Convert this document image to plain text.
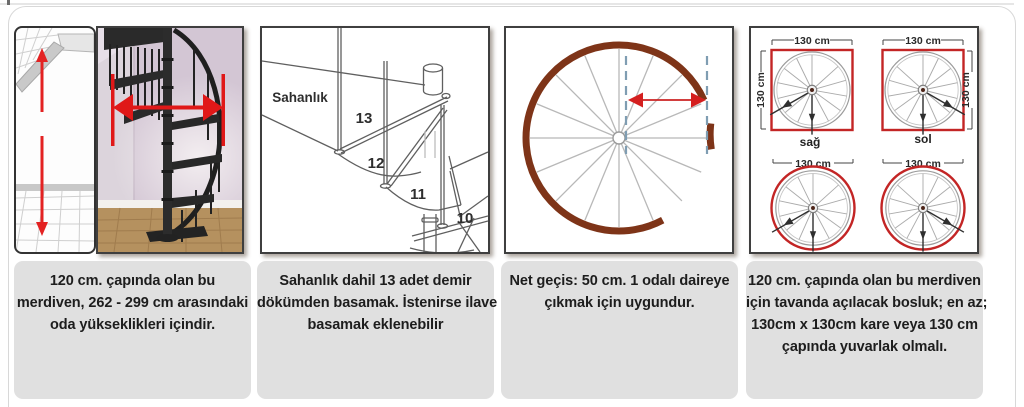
120 cm. çapında olan bu
merdiven, 262 - 299 cm arasındaki
oda yükseklikleri içindir.
Sahanlık
13
12
11
10
Sahanlık dahil 13 adet demir
dökümden basamak. İstenirse ilave
basamak eklenebilir
Net geçis: 50 cm. 1 odalı daireye
çıkmak için uygundur.
130 cm	130 cm
130 cm	130 cm
130 cm	130 cm
sağ	sol
120 cm. çapında olan bu merdiven
için tavanda açılacak bosluk; en az;
130cm x 130cm kare veya 130 cm
çapında yuvarlak olmalı.
